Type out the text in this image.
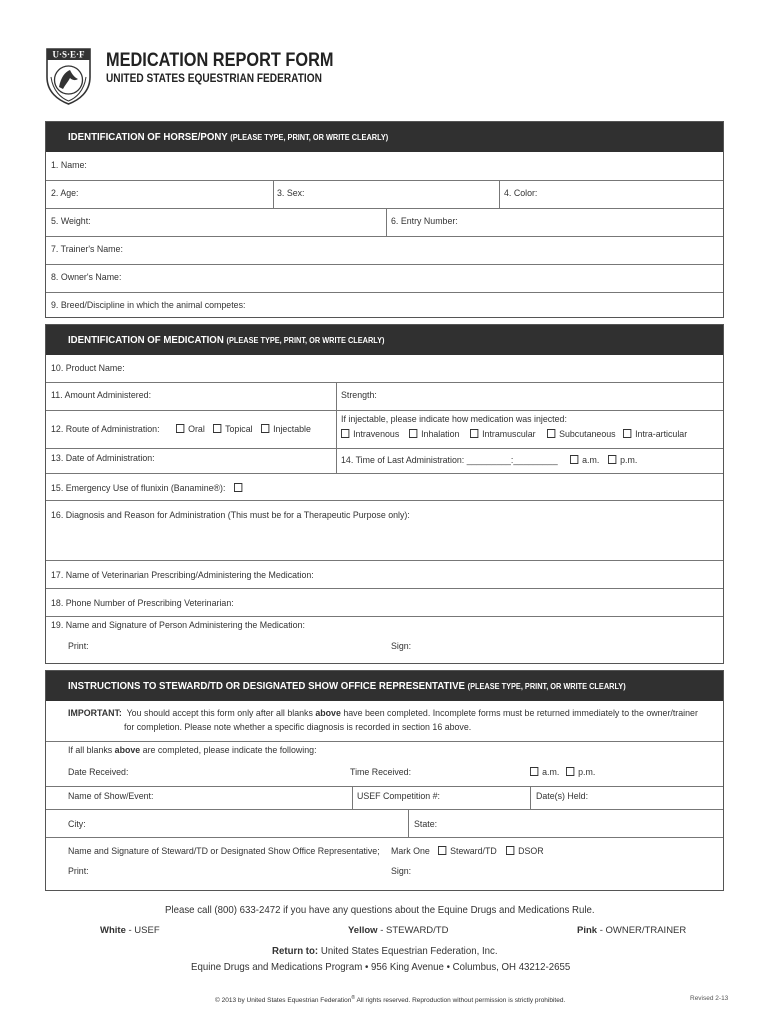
U·S·E·F MEDICATION REPORT FORM
UNITED STATES EQUESTRIAN FEDERATION
IDENTIFICATION OF HORSE/PONY (PLEASE TYPE, PRINT, OR WRITE CLEARLY)
1. Name:
2. Age:	3. Sex:	4. Color:
5. Weight:	6. Entry Number:
7. Trainer's Name:
8. Owner's Name:
9. Breed/Discipline in which the animal competes:
IDENTIFICATION OF MEDICATION (PLEASE TYPE, PRINT, OR WRITE CLEARLY)
10. Product Name:
11. Amount Administered:	Strength:
12. Route of Administration:	Oral	Topical	Injectable
If injectable, please indicate how medication was injected:
Intravenous	Inhalation	Intramuscular	Subcutaneous	Intra-articular
13. Date of Administration:	14. Time of Last Administration: _________:_________	a.m.	p.m.
15. Emergency Use of flunixin (Banamine®):
16. Diagnosis and Reason for Administration (This must be for a Therapeutic Purpose only):
17. Name of Veterinarian Prescribing/Administering the Medication:
18. Phone Number of Prescribing Veterinarian:
19. Name and Signature of Person Administering the Medication:
Print:	Sign:
INSTRUCTIONS TO STEWARD/TD OR DESIGNATED SHOW OFFICE REPRESENTATIVE (PLEASE TYPE, PRINT, OR WRITE CLEARLY)
IMPORTANT: You should accept this form only after all blanks above have been completed. Incomplete forms must be returned immediately to the owner/trainer
for completion. Please note whether a specific diagnosis is recorded in section 16 above.
If all blanks above are completed, please indicate the following:
Date Received:	Time Received:	a.m.	p.m.
Name of Show/Event:	USEF Competition #:	Date(s) Held:
City:	State:
Name and Signature of Steward/TD or Designated Show Office Representative; Mark One	Steward/TD	DSOR
Print:	Sign:
Please call (800) 633-2472 if you have any questions about the Equine Drugs and Medications Rule.
White - USEF	Yellow - STEWARD/TD	Pink - OWNER/TRAINER
Return to: United States Equestrian Federation, Inc.
Equine Drugs and Medications Program • 956 King Avenue • Columbus, OH 43212-2655
© 2013 by United States Equestrian Federation® All rights reserved. Reproduction without permission is strictly prohibited.	Revised 2-13
